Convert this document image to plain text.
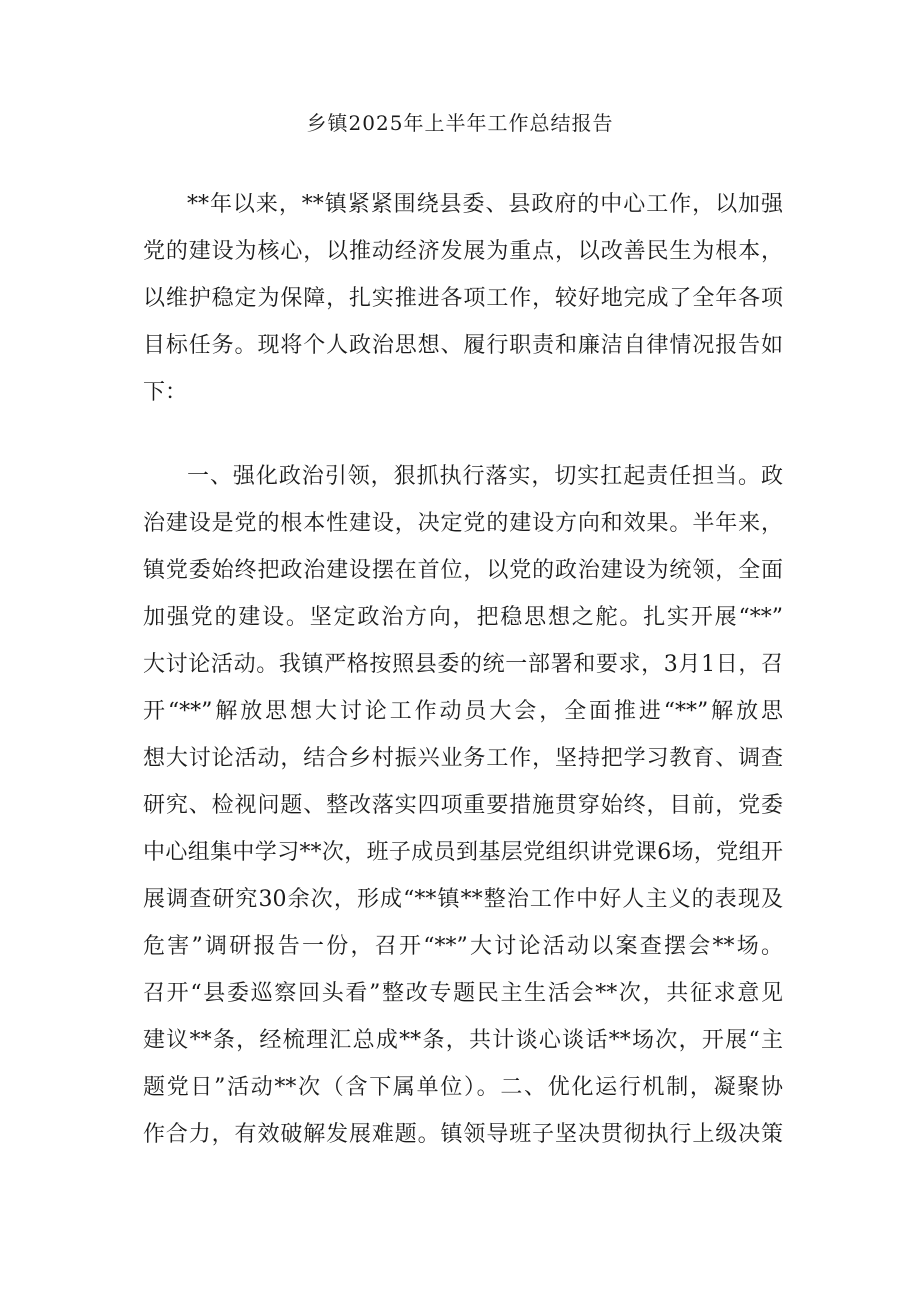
乡镇2025年上半年工作总结报告
**年以来，**镇紧紧围绕县委、县政府的中心工作，以加强
党的建设为核心，以推动经济发展为重点，以改善民生为根本，
以维护稳定为保障，扎实推进各项工作，较好地完成了全年各项
目标任务。现将个人政治思想、履行职责和廉洁自律情况报告如
下：
一、强化政治引领，狠抓执行落实，切实扛起责任担当。政
治建设是党的根本性建设，决定党的建设方向和效果。半年来，
镇党委始终把政治建设摆在首位，以党的政治建设为统领，全面
加强党的建设。坚定政治方向，把稳思想之舵。扎实开展“**”
大讨论活动。我镇严格按照县委的统一部署和要求，3月1日，召
开“**”解放思想大讨论工作动员大会，全面推进“**”解放思
想大讨论活动，结合乡村振兴业务工作，坚持把学习教育、调查
研究、检视问题、整改落实四项重要措施贯穿始终，目前，党委
中心组集中学习**次，班子成员到基层党组织讲党课6场，党组开
展调查研究30余次，形成“**镇**整治工作中好人主义的表现及
危害”调研报告一份，召开“**”大讨论活动以案查摆会**场。
召开“县委巡察回头看”整改专题民主生活会**次，共征求意见
建议**条，经梳理汇总成**条，共计谈心谈话**场次，开展“主
题党日”活动**次（含下属单位）。二、优化运行机制，凝聚协
作合力，有效破解发展难题。镇领导班子坚决贯彻执行上级决策
